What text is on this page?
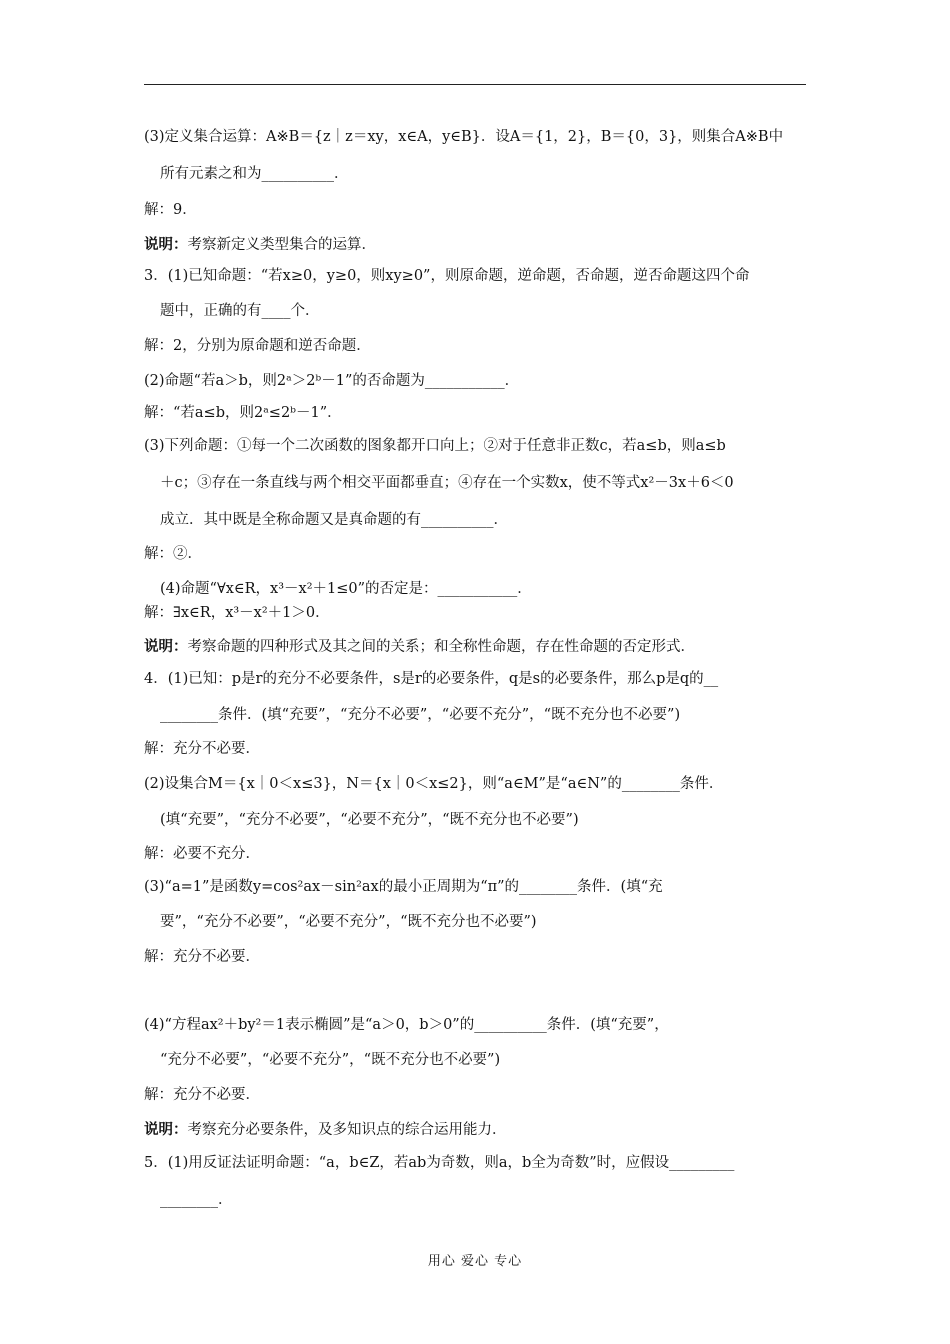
(3)定义集合运算：A※B＝{z｜z＝xy，x∈A，y∈B}．设A＝{1，2}，B＝{0，3}，则集合A※B中
所有元素之和为__________．
解：9．
说明：考察新定义类型集合的运算．
3．(1)已知命题：“若x≥0，y≥0，则xy≥0”，则原命题，逆命题，否命题，逆否命题这四个命
题中，正确的有____个．
解：2，分别为原命题和逆否命题．
(2)命题“若a＞b，则2ᵃ＞2ᵇ－1”的否命题为___________．
解：“若a≤b，则2ᵃ≤2ᵇ－1”．
(3)下列命题：①每一个二次函数的图象都开口向上；②对于任意非正数c，若a≤b，则a≤b
＋c；③存在一条直线与两个相交平面都垂直；④存在一个实数x，使不等式x²－3x＋6＜0
成立．其中既是全称命题又是真命题的有__________．
解：②．
(4)命题“∀x∈R，x³－x²＋1≤0”的否定是：___________．
解：∃x∈R，x³－x²＋1＞0．
说明：考察命题的四种形式及其之间的关系；和全称性命题，存在性命题的否定形式．
4．(1)已知：p是r的充分不必要条件，s是r的必要条件，q是s的必要条件，那么p是q的__
________条件．(填“充要”，“充分不必要”，“必要不充分”，“既不充分也不必要”)
解：充分不必要．
(2)设集合M＝{x｜0＜x≤3}，N＝{x｜0＜x≤2}，则“a∈M”是“a∈N”的________条件．
(填“充要”，“充分不必要”，“必要不充分”，“既不充分也不必要”)
解：必要不充分．
(3)“a=1”是函数y=cos²ax－sin²ax的最小正周期为“π”的________条件．(填“充
要”，“充分不必要”，“必要不充分”，“既不充分也不必要”)
解：充分不必要．
(4)“方程ax²＋by²＝1表示椭圆”是“a＞0，b＞0”的__________条件．(填“充要”，
“充分不必要”，“必要不充分”，“既不充分也不必要”)
解：充分不必要．
说明：考察充分必要条件，及多知识点的综合运用能力．
5．(1)用反证法证明命题：“a，b∈Z，若ab为奇数，则a，b全为奇数”时，应假设_________
________．
用心 爱心 专心
